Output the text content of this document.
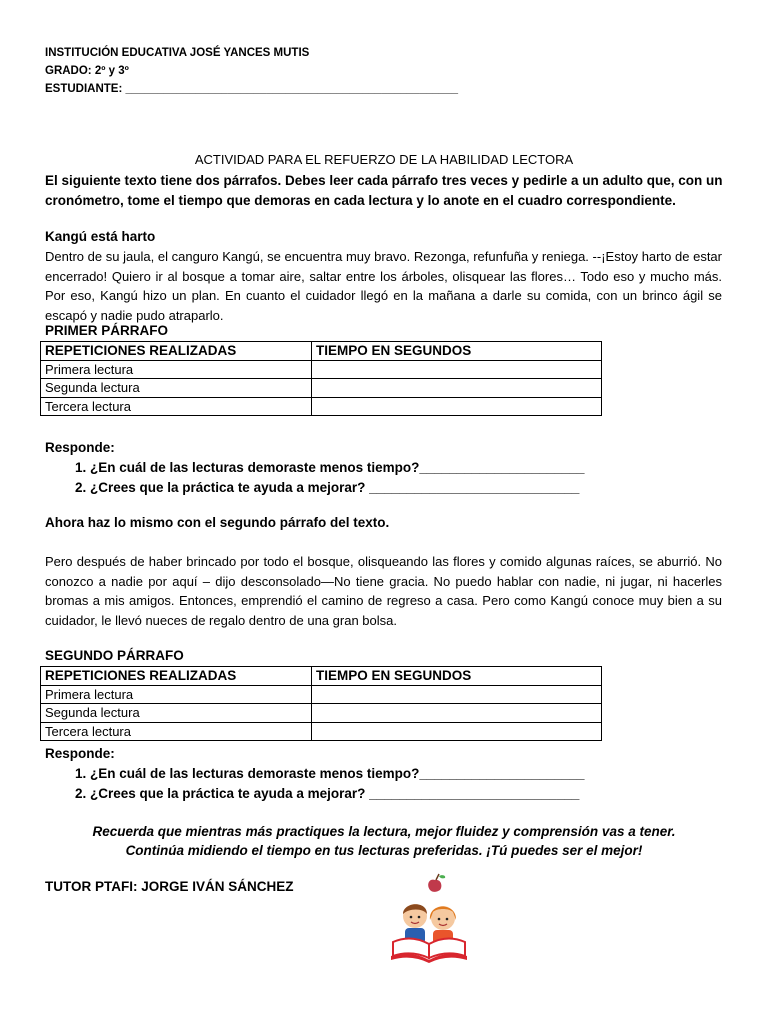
INSTITUCIÓN EDUCATIVA JOSÉ YANCES MUTIS
GRADO: 2º y 3º
ESTUDIANTE: ____________________________________________________
ACTIVIDAD PARA EL REFUERZO DE LA HABILIDAD LECTORA
El siguiente texto tiene dos párrafos. Debes leer cada párrafo tres veces y pedirle a un adulto que, con un cronómetro, tome el tiempo que demoras en cada lectura y lo anote en el cuadro correspondiente.
Kangú está harto
Dentro de su jaula, el canguro Kangú, se encuentra muy bravo. Rezonga, refunfuña y reniega. --¡Estoy harto de estar encerrado! Quiero ir al bosque a tomar aire, saltar entre los árboles, olisquear las flores… Todo eso y mucho más. Por eso, Kangú hizo un plan. En cuanto el cuidador llegó en la mañana a darle su comida, con un brinco ágil se escapó y nadie pudo atraparlo.
PRIMER PÁRRAFO
REPETICIONES REALIZADAS	TIEMPO EN SEGUNDOS
Primera lectura	
Segunda lectura	
Tercera lectura	
Responde:
1. ¿En cuál de las lecturas demoraste menos tiempo?______________________
2. ¿Crees que la práctica te ayuda a mejorar? ____________________________
Ahora haz lo mismo con el segundo párrafo del texto.
Pero después de haber brincado por todo el bosque, olisqueando las flores y comido algunas raíces, se aburrió. No conozco a nadie por aquí – dijo desconsolado—No tiene gracia. No puedo hablar con nadie, ni jugar, ni hacerles bromas a mis amigos. Entonces, emprendió el camino de regreso a casa. Pero como Kangú conoce muy bien a su cuidador, le llevó nueces de regalo dentro de una gran bolsa.
SEGUNDO PÁRRAFO
REPETICIONES REALIZADAS	TIEMPO EN SEGUNDOS
Primera lectura	
Segunda lectura	
Tercera lectura	
Responde:
1. ¿En cuál de las lecturas demoraste menos tiempo?______________________
2. ¿Crees que la práctica te ayuda a mejorar? ____________________________
Recuerda que mientras más practiques la lectura, mejor fluidez y comprensión vas a tener.
Continúa midiendo el tiempo en tus lecturas preferidas. ¡Tú puedes ser el mejor!
TUTOR PTAFI: JORGE IVÁN SÁNCHEZ
